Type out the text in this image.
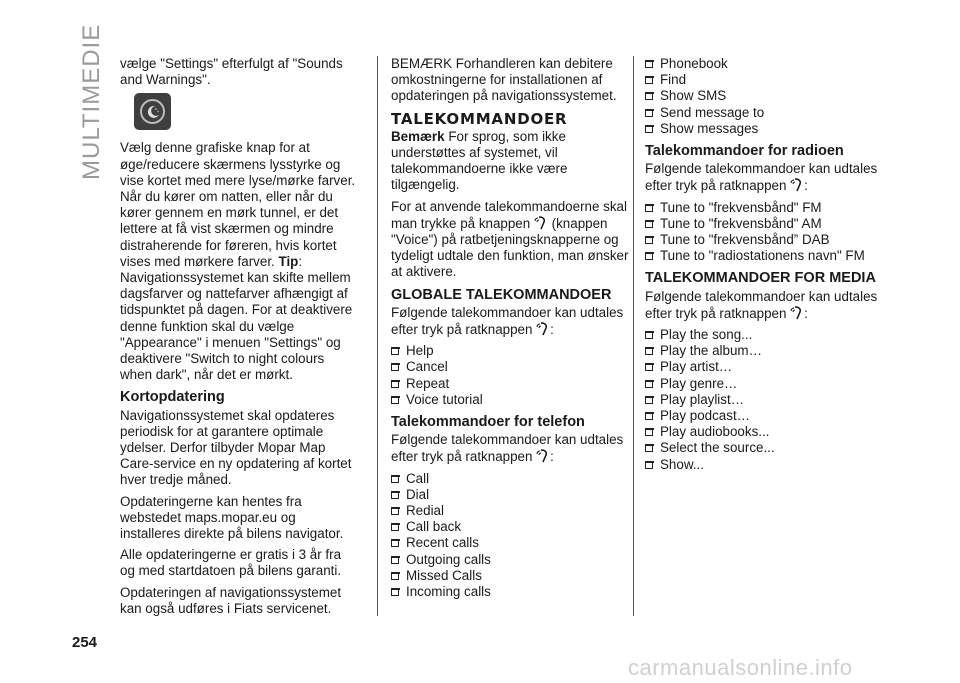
MULTIMEDIE vælge "Settings" efterfulgt af "Sounds and Warnings".

Vælg denne grafiske knap for at øge/reducere skærmens lysstyrke og vise kortet med mere lyse/mørke farver. Når du kører om natten, eller når du kører gennem en mørk tunnel, er det lettere at få vist skærmen og mindre distraherende for føreren, hvis kortet vises med mørkere farver. Tip: Navigationssystemet kan skifte mellem dagsfarver og nattefarver afhængigt af tidspunktet på dagen. For at deaktivere denne funktion skal du vælge "Appearance" i menuen "Settings" og deaktivere "Switch to night colours when dark", når det er mørkt.

Kortopdatering

Navigationssystemet skal opdateres periodisk for at garantere optimale ydelser. Derfor tilbyder Mopar Map Care-service en ny opdatering af kortet hver tredje måned.

Opdateringerne kan hentes fra webstedet maps.mopar.eu og installeres direkte på bilens navigator.

Alle opdateringerne er gratis i 3 år fra og med startdatoen på bilens garanti.

Opdateringen af navigationssystemet kan også udføres i Fiats servicenet.

BEMÆRK Forhandleren kan debitere omkostningerne for installationen af opdateringen på navigationssystemet.

TALEKOMMANDOER

Bemærk For sprog, som ikke understøttes af systemet, vil talekommandoerne ikke være tilgængelig.

For at anvende talekommandoerne skal man trykke på knappen  (knappen "Voice") på ratbetjeningsknapperne og tydeligt udtale den funktion, man ønsker at aktivere.

GLOBALE TALEKOMMANDOER

Følgende talekommandoer kan udtales efter tryk på ratknappen :

Help
Cancel
Repeat
Voice tutorial
Talekommandoer for telefon

Følgende talekommandoer kan udtales efter tryk på ratknappen :

Call
Dial
Redial
Call back
Recent calls
Outgoing calls
Missed Calls
Incoming calls
Phonebook
Find
Show SMS
Send message to
Show messages
Talekommandoer for radioen

Følgende talekommandoer kan udtales efter tryk på ratknappen :

Tune to "frekvensbånd" FM
Tune to "frekvensbånd" AM
Tune to "frekvensbånd” DAB
Tune to "radiostationens navn" FM
TALEKOMMANDOER FOR MEDIA

Følgende talekommandoer kan udtales efter tryk på ratknappen :

Play the song...
Play the album…
Play artist…
Play genre…
Play playlist…
Play podcast…
Play audiobooks...
Select the source...
Show...
254
carmanualsonline.info
